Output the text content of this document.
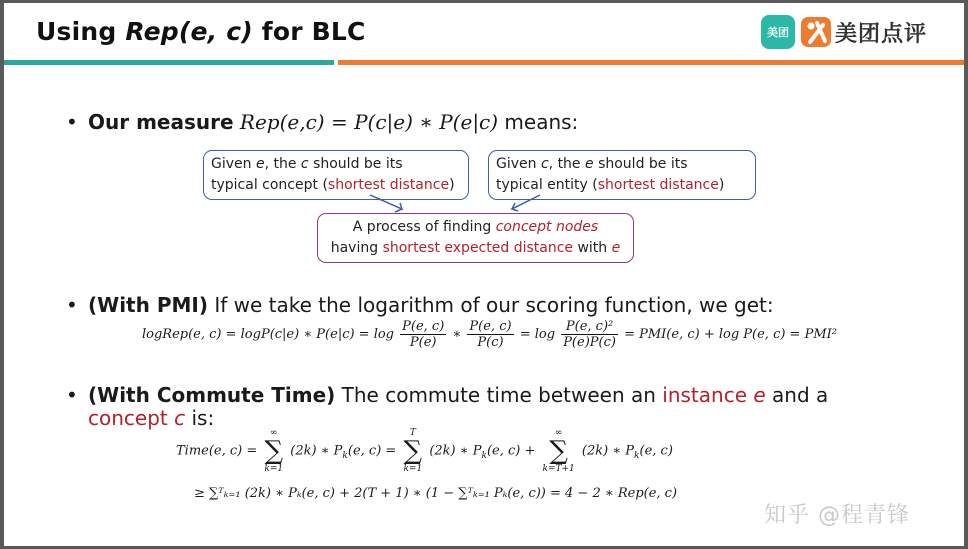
Using Rep(e, c) for BLC	美团 美团点评
• Our measure Rep(e,c) = P(c|e) ∗ P(e|c) means:
Given e, the c should be its
typical concept (shortest distance)
Given c, the e should be its
typical entity (shortest distance)
A process of finding concept nodes
having shortest expected distance with e
• (With PMI) If we take the logarithm of our scoring function, we get:
logRep(e, c) = logP(c|e) ∗ $P(e|c) = \log \frac{P(e, c)}{P(e)}$ ∗ $\frac{P(e, c)}{P(c)} = \log \frac{\text{P(e, c)²}}{P(e)P(c)} = PMI(e$, c) + log P(e, c) = PMI²
• (With Commute Time) The commute time between an instance e and a
concept c is:
Time(e, c) =
∞
∑
k=1
(2k) ∗ $P_k(e$, c) =
T
∑
k=1
(2k) ∗ $P_k(e$, c) +
∞
∑
k=T+1
(2k) ∗ $P_k(e$, c)
≥ ∑ᵀₖ₌₁ (2k) ∗ Pₖ(e, c) + 2(T + 1) ∗ (1 − ∑ᵀₖ₌₁ Pₖ(e, c)) = 4 − 2 ∗ Rep(e, c)
知乎 @程青锋
